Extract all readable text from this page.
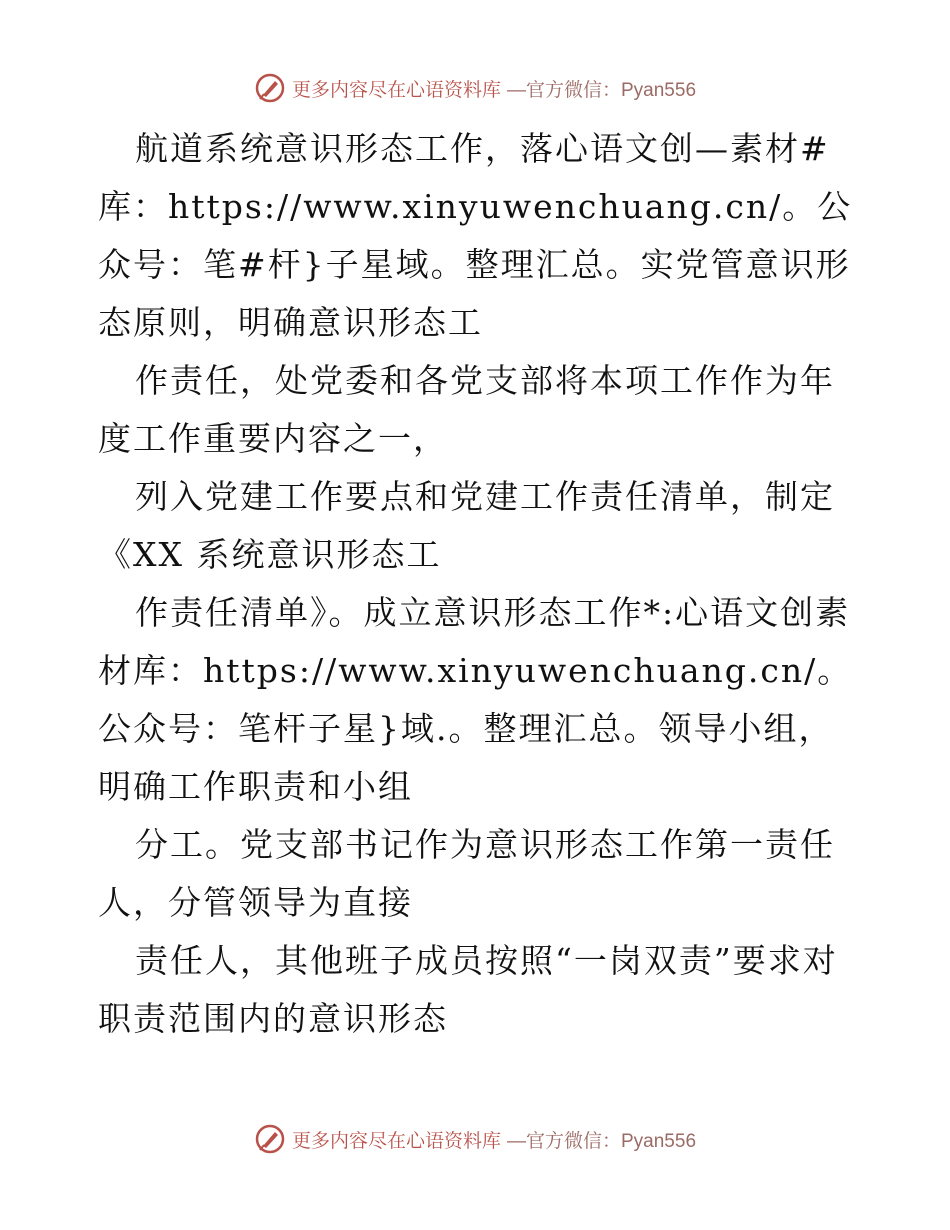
更多内容尽在心语资料库 —官方微信：Pyan556

航道系统意识形态工作，落心语文创—素材#库：https://www.xinyuwenchuang.cn/。公众号：笔#杆}子星域。整理汇总。实党管意识形态原则，明确意识形态工

作责任，处党委和各党支部将本项工作作为年度工作重要内容之一，

列入党建工作要点和党建工作责任清单，制定《XX 系统意识形态工

作责任清单》。成立意识形态工作*:心语文创素材库：https://www.xinyuwenchuang.cn/。公众号：笔杆子星}域.。整理汇总。领导小组，明确工作职责和小组

分工。党支部书记作为意识形态工作第一责任人，分管领导为直接

责任人，其他班子成员按照“一岗双责”要求对职责范围内的意识形态

更多内容尽在心语资料库 —官方微信：Pyan556
